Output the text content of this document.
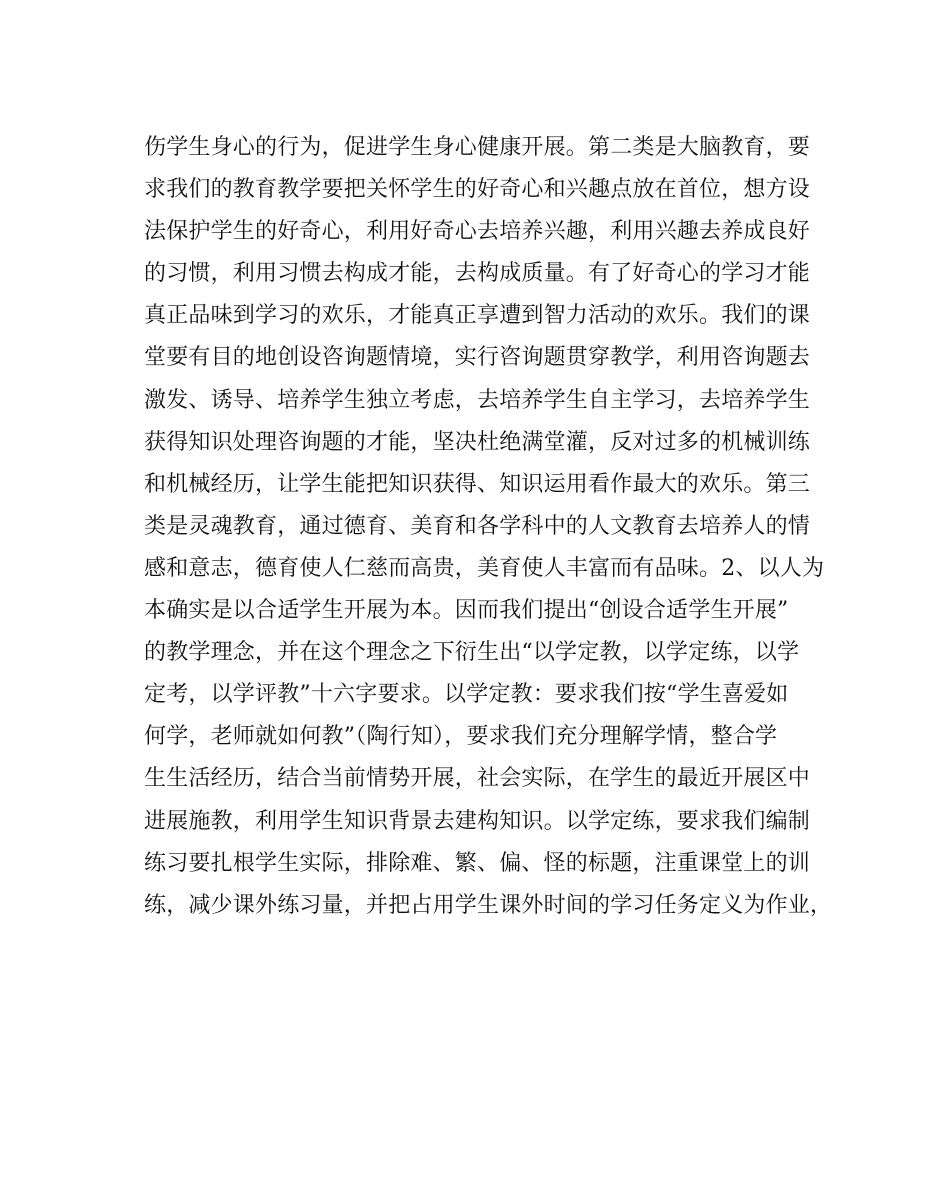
伤学生身心的行为，促进学生身心健康开展。第二类是大脑教育，要
求我们的教育教学要把关怀学生的好奇心和兴趣点放在首位，想方设
法保护学生的好奇心，利用好奇心去培养兴趣，利用兴趣去养成良好
的习惯，利用习惯去构成才能，去构成质量。有了好奇心的学习才能
真正品味到学习的欢乐，才能真正享遭到智力活动的欢乐。我们的课
堂要有目的地创设咨询题情境，实行咨询题贯穿教学，利用咨询题去
激发、诱导、培养学生独立考虑，去培养学生自主学习，去培养学生
获得知识处理咨询题的才能，坚决杜绝满堂灌，反对过多的机械训练
和机械经历，让学生能把知识获得、知识运用看作最大的欢乐。第三
类是灵魂教育，通过德育、美育和各学科中的人文教育去培养人的情
感和意志，德育使人仁慈而高贵，美育使人丰富而有品味。2、以人为
本确实是以合适学生开展为本。因而我们提出“创设合适学生开展”
的教学理念，并在这个理念之下衍生出“以学定教，以学定练，以学
定考，以学评教”十六字要求。以学定教：要求我们按“学生喜爱如
何学，老师就如何教”（陶行知），要求我们充分理解学情，整合学
生生活经历，结合当前情势开展，社会实际，在学生的最近开展区中
进展施教，利用学生知识背景去建构知识。以学定练，要求我们编制
练习要扎根学生实际，排除难、繁、偏、怪的标题，注重课堂上的训
练，减少课外练习量，并把占用学生课外时间的学习任务定义为作业，
